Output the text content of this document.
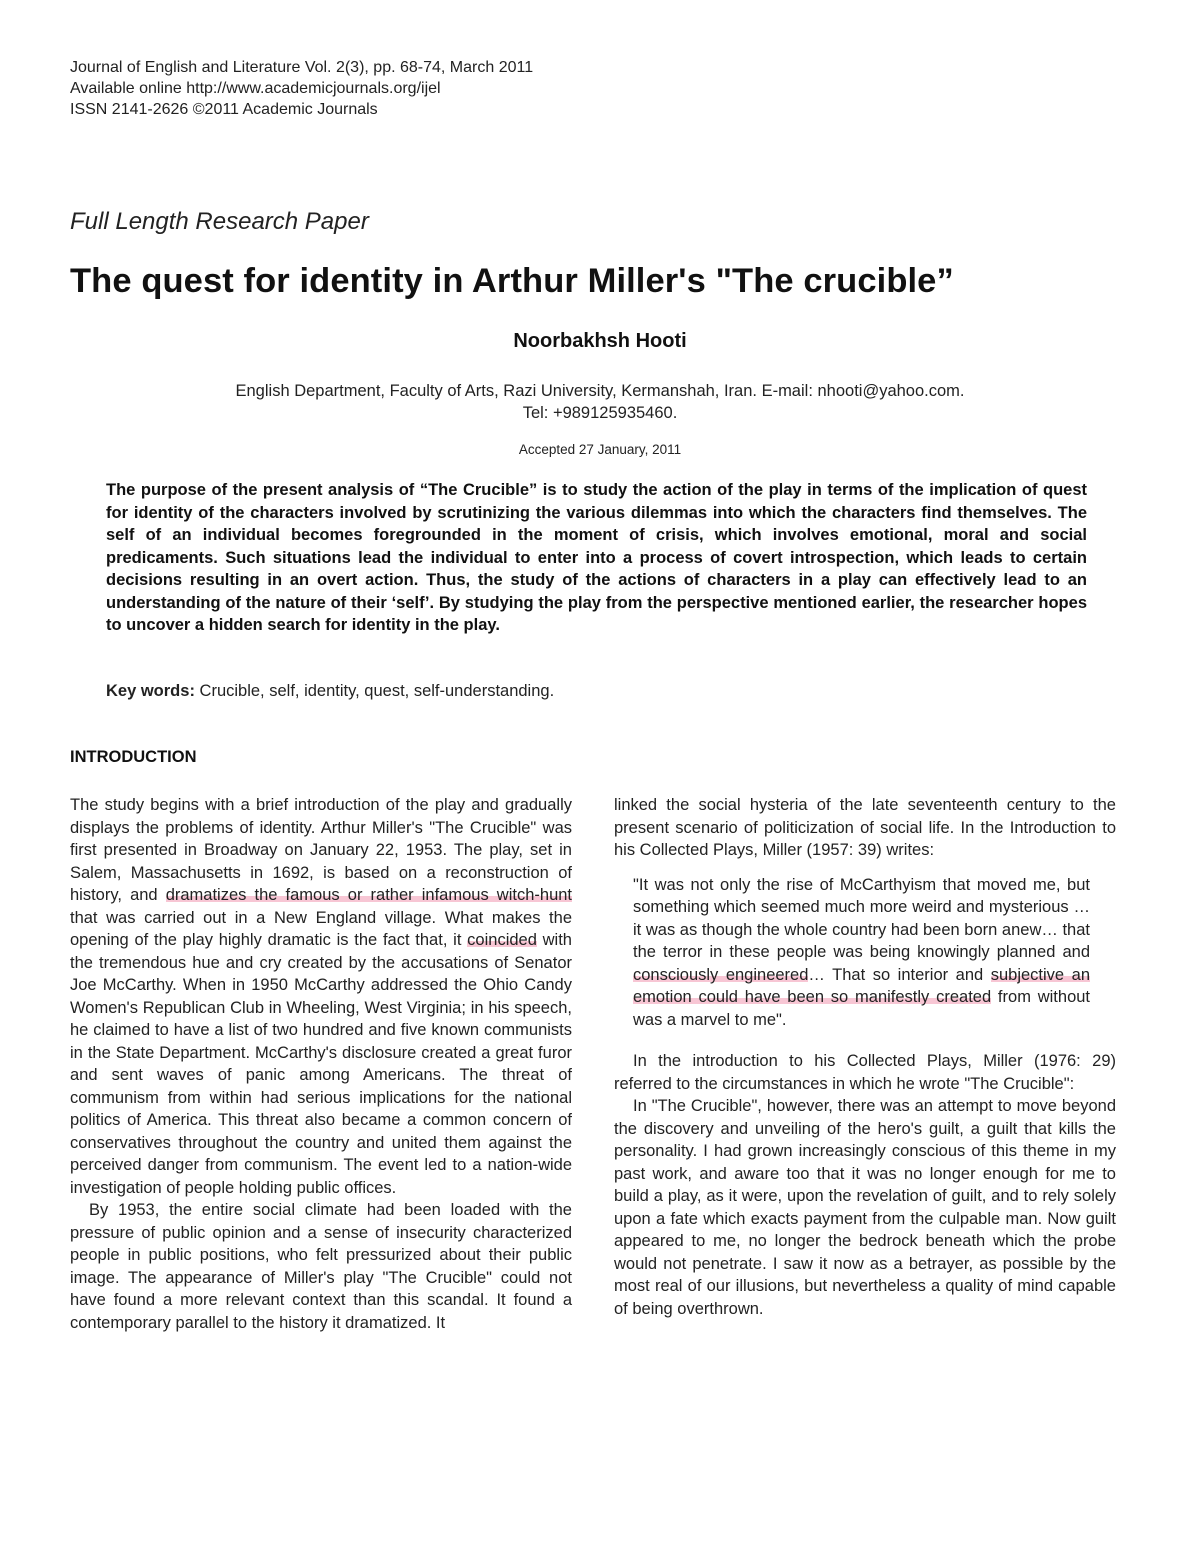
Journal of English and Literature Vol. 2(3), pp. 68-74, March 2011
Available online http://www.academicjournals.org/ijel
ISSN 2141-2626 ©2011 Academic Journals
Full Length Research Paper
The quest for identity in Arthur Miller's "The crucible”
Noorbakhsh Hooti
English Department, Faculty of Arts, Razi University, Kermanshah, Iran. E-mail: nhooti@yahoo.com.
Tel: +989125935460.
Accepted 27 January, 2011
The purpose of the present analysis of “The Crucible” is to study the action of the play in terms of the implication of quest for identity of the characters involved by scrutinizing the various dilemmas into which the characters find themselves. The self of an individual becomes foregrounded in the moment of crisis, which involves emotional, moral and social predicaments. Such situations lead the individual to enter into a process of covert introspection, which leads to certain decisions resulting in an overt action. Thus, the study of the actions of characters in a play can effectively lead to an understanding of the nature of their ‘self’. By studying the play from the perspective mentioned earlier, the researcher hopes to uncover a hidden search for identity in the play.
Key words: Crucible, self, identity, quest, self-understanding.
INTRODUCTION

The study begins with a brief introduction of the play and gradually displays the problems of identity. Arthur Miller's "The Crucible" was first presented in Broadway on January 22, 1953. The play, set in Salem, Massachusetts in 1692, is based on a reconstruction of history, and dramatizes the famous or rather infamous witch-hunt that was carried out in a New England village. What makes the opening of the play highly dramatic is the fact that, it coincided with the tremendous hue and cry created by the accusations of Senator Joe McCarthy. When in 1950 McCarthy addressed the Ohio Candy Women's Republican Club in Wheeling, West Virginia; in his speech, he claimed to have a list of two hundred and five known communists in the State Department. McCarthy's disclosure created a great furor and sent waves of panic among Americans. The threat of communism from within had serious implications for the national politics of America. This threat also became a common concern of conservatives throughout the country and united them against the perceived danger from communism. The event led to a nation-wide investigation of people holding public offices.

By 1953, the entire social climate had been loaded with the pressure of public opinion and a sense of insecurity characterized people in public positions, who felt pressurized about their public image. The appearance of Miller's play "The Crucible" could not have found a more relevant context than this scandal. It found a contemporary parallel to the history it dramatized. It

linked the social hysteria of the late seventeenth century to the present scenario of politicization of social life. In the Introduction to his Collected Plays, Miller (1957: 39) writes:

"It was not only the rise of McCarthyism that moved me, but something which seemed much more weird and mysterious … it was as though the whole country had been born anew… that the terror in these people was being knowingly planned and consciously engineered… That so interior and subjective an emotion could have been so manifestly created from without was a marvel to me".

In the introduction to his Collected Plays, Miller (1976: 29) referred to the circumstances in which he wrote "The Crucible":

In "The Crucible", however, there was an attempt to move beyond the discovery and unveiling of the hero's guilt, a guilt that kills the personality. I had grown increasingly conscious of this theme in my past work, and aware too that it was no longer enough for me to build a play, as it were, upon the revelation of guilt, and to rely solely upon a fate which exacts payment from the culpable man. Now guilt appeared to me, no longer the bedrock beneath which the probe would not penetrate. I saw it now as a betrayer, as possible by the most real of our illusions, but nevertheless a quality of mind capable of being overthrown.
